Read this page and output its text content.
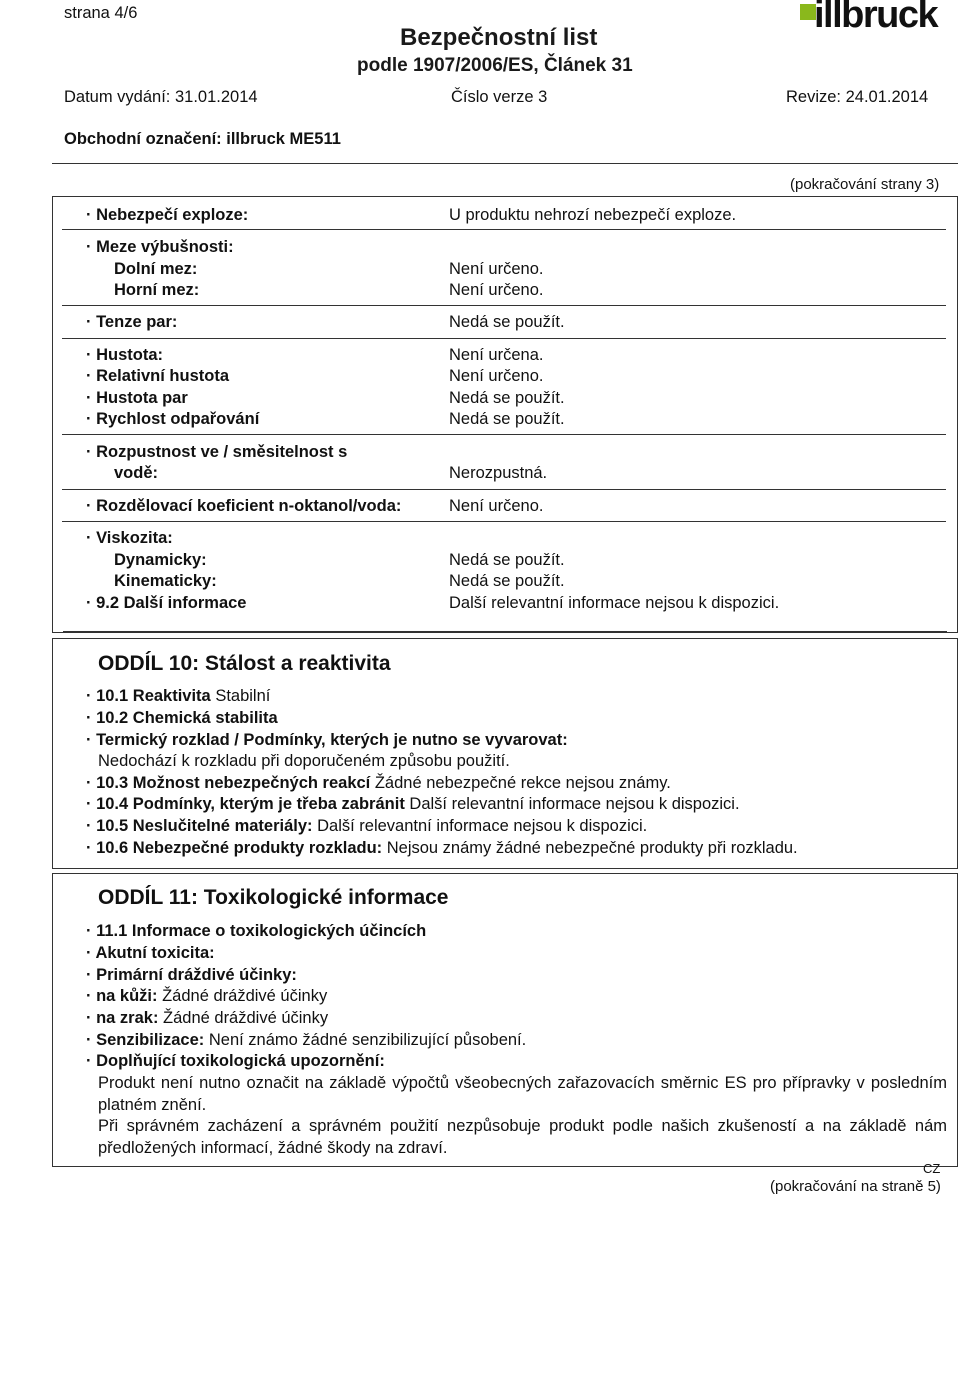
strana 4/6
Bezpečnostní list
podle 1907/2006/ES, Článek 31
illbruck
Datum vydání: 31.01.2014	Číslo verze 3	Revize: 24.01.2014
Obchodní označení: illbruck ME511
(pokračování strany 3)
· Nebezpečí exploze:	U produktu nehrozí nebezpečí exploze.
· Meze výbušnosti:
Dolní mez:	Není určeno.
Horní mez:	Není určeno.
· Tenze par:	Nedá se použít.
· Hustota:	Není určena.
· Relativní hustota	Není určeno.
· Hustota par	Nedá se použít.
· Rychlost odpařování	Nedá se použít.
· Rozpustnost ve / směsitelnost s
vodě:	Nerozpustná.
· Rozdělovací koeficient n-oktanol/voda:	Není určeno.
· Viskozita:
Dynamicky:	Nedá se použít.
Kinematicky:	Nedá se použít.
· 9.2 Další informace	Další relevantní informace nejsou k dispozici.
ODDÍL 10: Stálost a reaktivita
· 10.1 Reaktivita Stabilní
· 10.2 Chemická stabilita
· Termický rozklad / Podmínky, kterých je nutno se vyvarovat:
Nedochází k rozkladu při doporučeném způsobu použití.
· 10.3 Možnost nebezpečných reakcí Žádné nebezpečné rekce nejsou známy.
· 10.4 Podmínky, kterým je třeba zabránit Další relevantní informace nejsou k dispozici.
· 10.5 Neslučitelné materiály: Další relevantní informace nejsou k dispozici.
· 10.6 Nebezpečné produkty rozkladu: Nejsou známy žádné nebezpečné produkty při rozkladu.
ODDÍL 11: Toxikologické informace
· 11.1 Informace o toxikologických účincích
· Akutní toxicita:
· Primární dráždivé účinky:
· na kůži: Žádné dráždivé účinky
· na zrak: Žádné dráždivé účinky
· Senzibilizace: Není známo žádné senzibilizující působení.
· Doplňující toxikologická upozornění:
Produkt není nutno označit na základě výpočtů všeobecných zařazovacích směrnic ES pro přípravky v posledním platném znění.
Při správném zacházení a správném použití nezpůsobuje produkt podle našich zkušeností a na základě nám předložených informací, žádné škody na zdraví.
CZ
(pokračování na straně 5)
